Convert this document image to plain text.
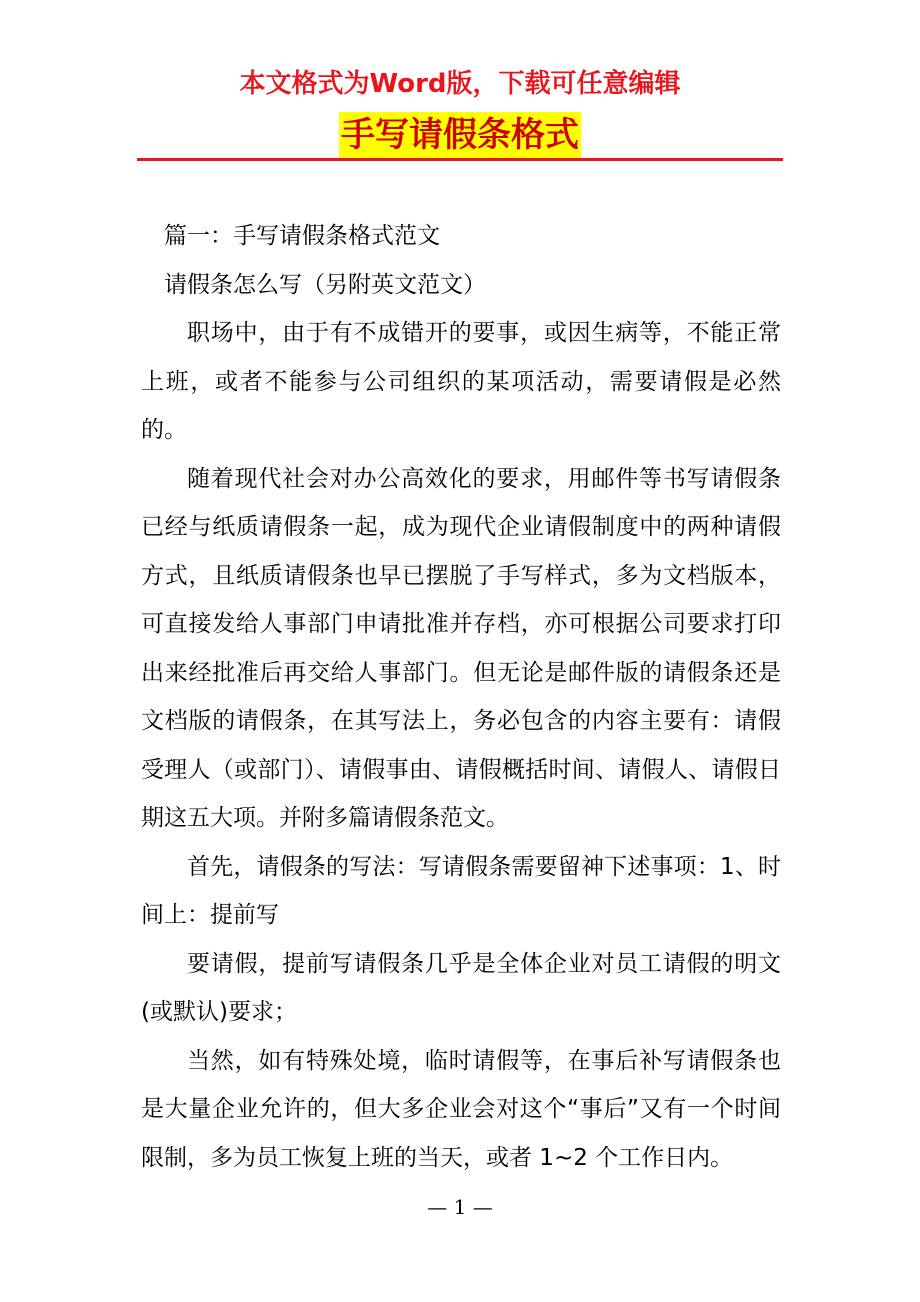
本文格式为Word版，下载可任意编辑
手写请假条格式

篇一：手写请假条格式范文

请假条怎么写（另附英文范文）

职场中，由于有不成错开的要事，或因生病等，不能正常上班，或者不能参与公司组织的某项活动，需要请假是必然的。

随着现代社会对办公高效化的要求，用邮件等书写请假条已经与纸质请假条一起，成为现代企业请假制度中的两种请假方式，且纸质请假条也早已摆脱了手写样式，多为文档版本，可直接发给人事部门申请批准并存档，亦可根据公司要求打印出来经批准后再交给人事部门。但无论是邮件版的请假条还是文档版的请假条，在其写法上，务必包含的内容主要有：请假受理人（或部门）、请假事由、请假概括时间、请假人、请假日期这五大项。并附多篇请假条范文。

首先，请假条的写法：写请假条需要留神下述事项：1、时间上：提前写

要请假，提前写请假条几乎是全体企业对员工请假的明文(或默认)要求；

当然，如有特殊处境，临时请假等，在事后补写请假条也是大量企业允许的，但大多企业会对这个“事后”又有一个时间限制，多为员工恢复上班的当天，或者 1~2 个工作日内。

— 1 —
